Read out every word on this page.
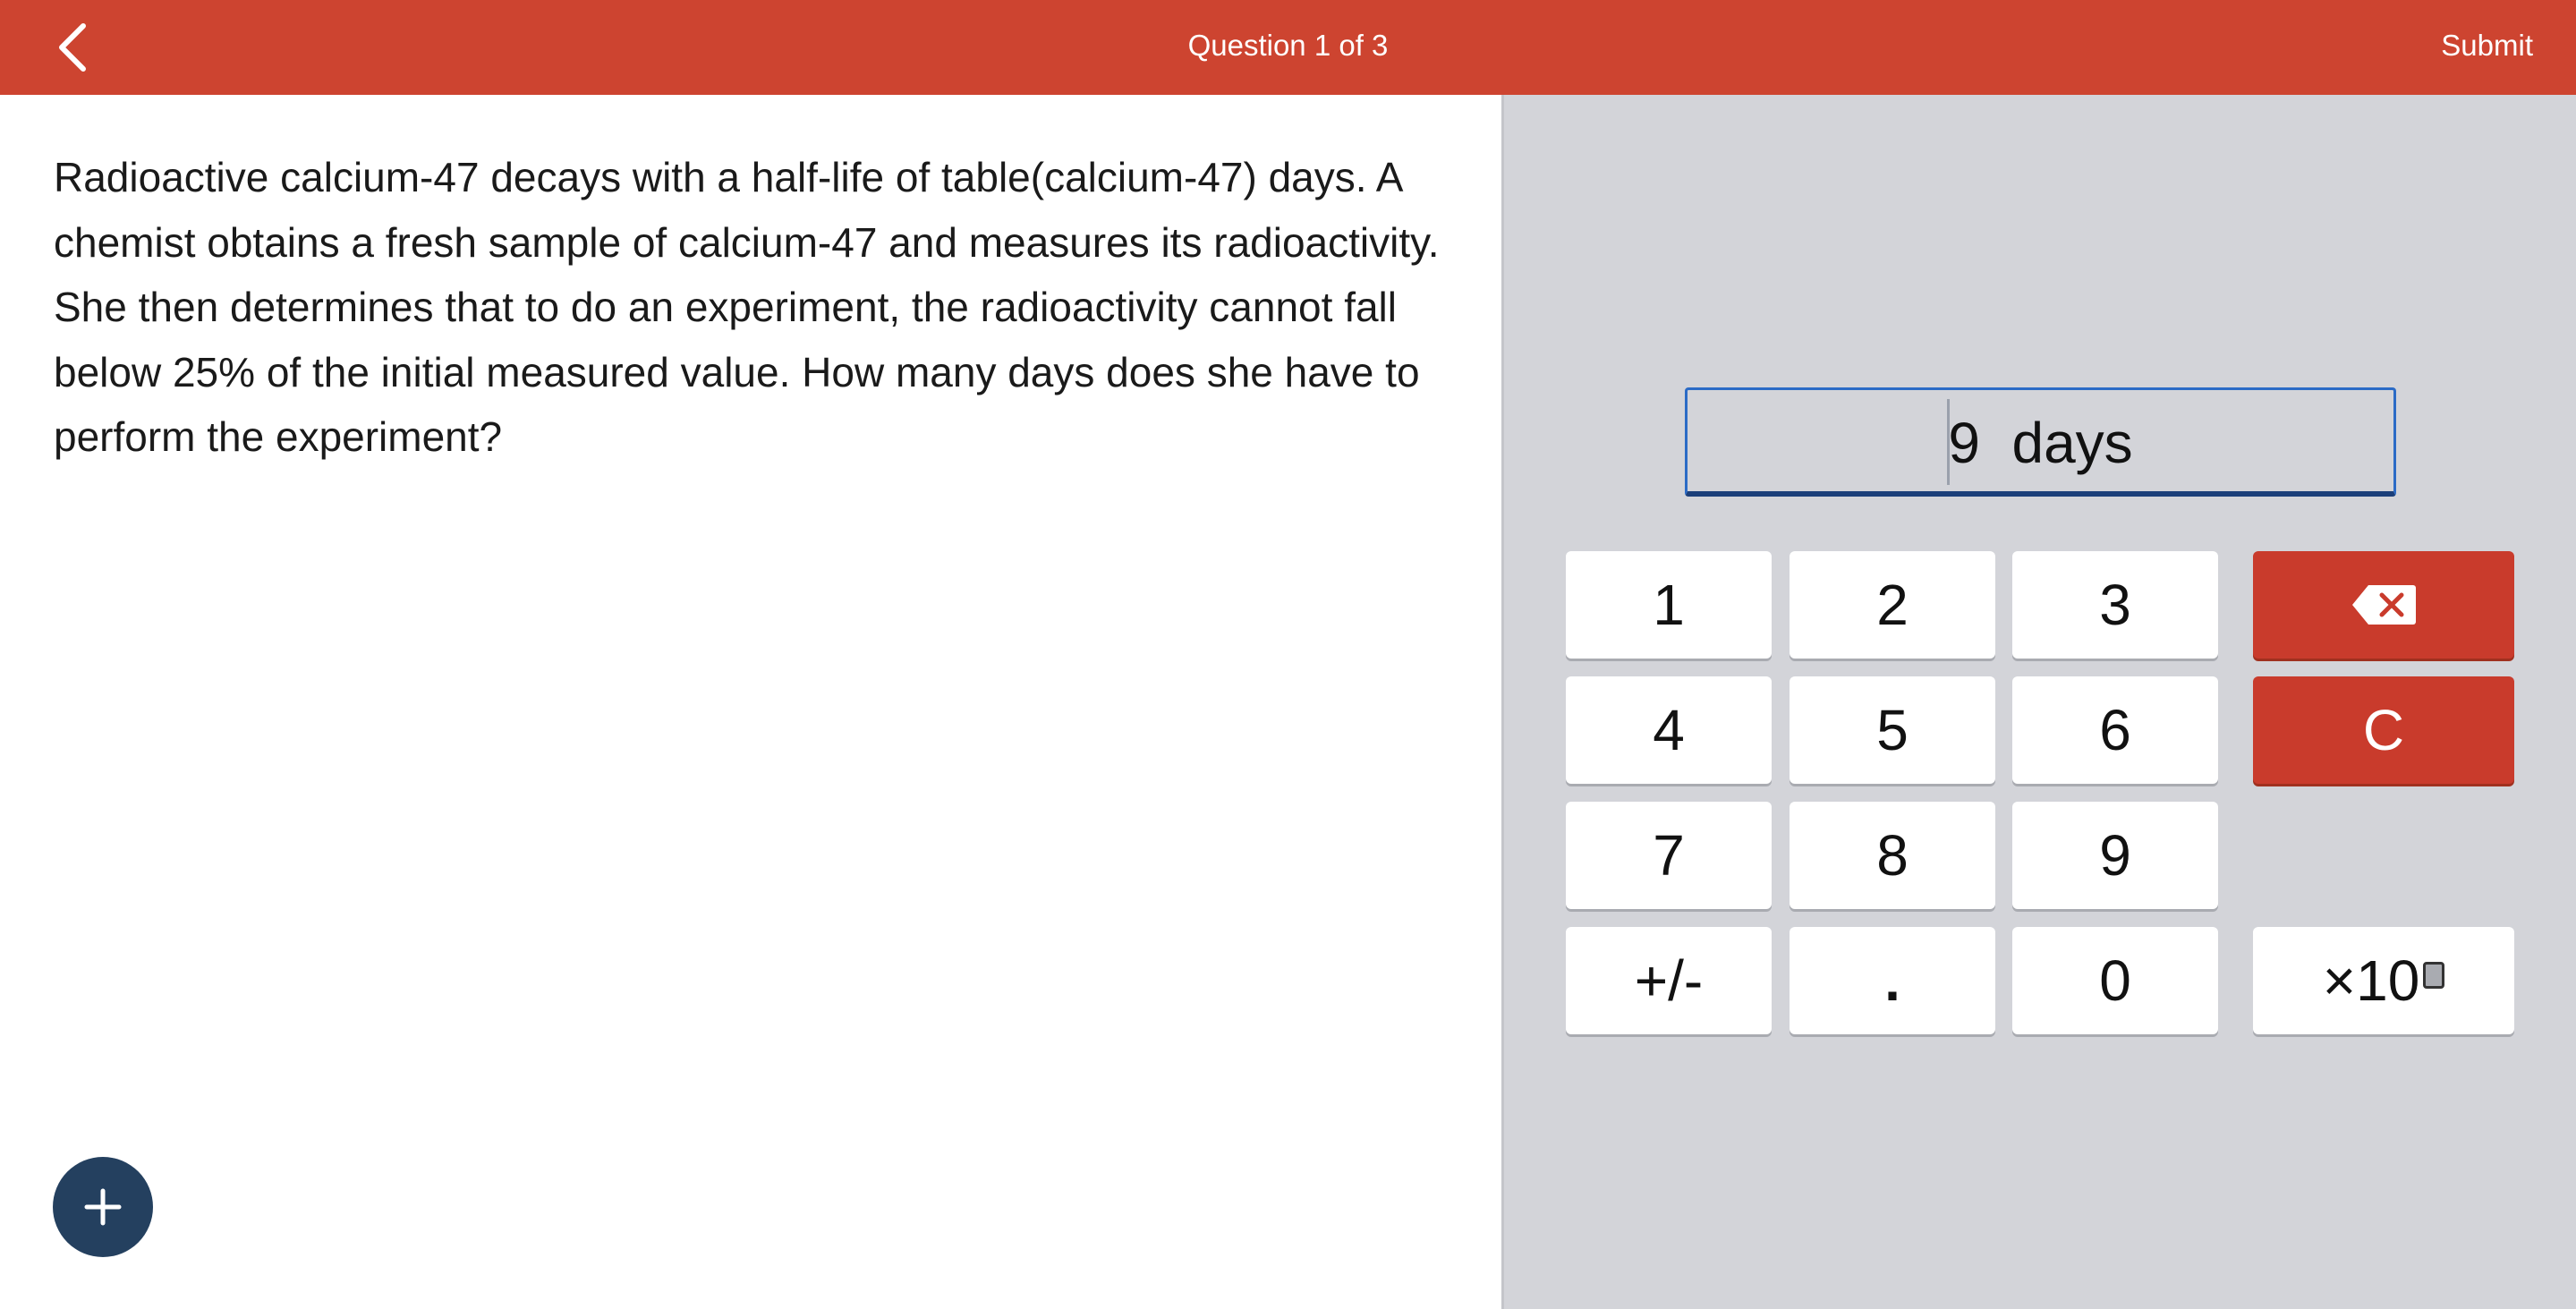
Question 1 of 3	Submit

Radioactive calcium-47 decays with a half-life of table(calcium-47) days. A chemist obtains a fresh sample of calcium-47 and measures its radioactivity. She then determines that to do an experiment, the radioactivity cannot fall below 25% of the initial measured value. How many days does she have to perform the experiment?	9 days
1	2	3
4	5	6	C
7	8	9
+/-	.	0	×10
